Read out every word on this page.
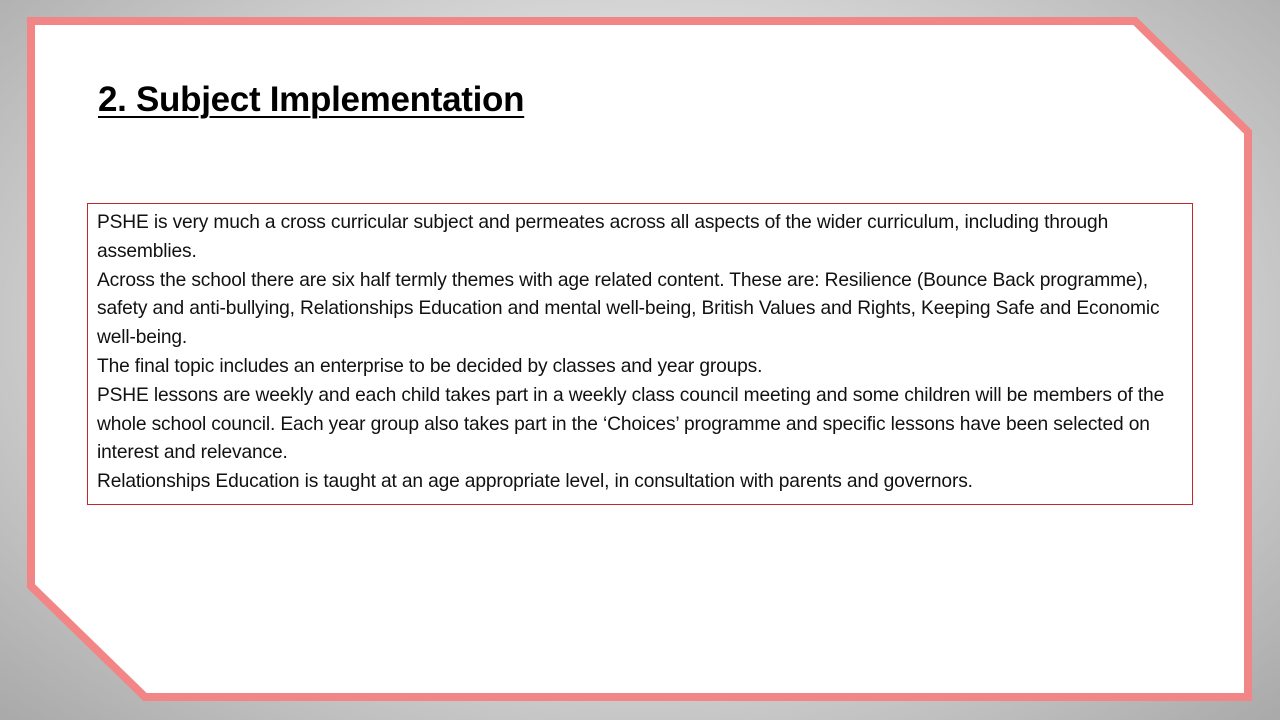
2. Subject Implementation

PSHE is very much a cross curricular subject and permeates across all aspects of the wider curriculum, including through assemblies.

Across the school there are six half termly themes with age related content. These are: Resilience (Bounce Back programme), safety and anti-bullying, Relationships Education and mental well-being, British Values and Rights, Keeping Safe and Economic well-being.

The final topic includes an enterprise to be decided by classes and year groups.

PSHE lessons are weekly and each child takes part in a weekly class council meeting and some children will be members of the whole school council. Each year group also takes part in the ‘Choices’ programme and specific lessons have been selected on interest and relevance.

Relationships Education is taught at an age appropriate level, in consultation with parents and governors.
